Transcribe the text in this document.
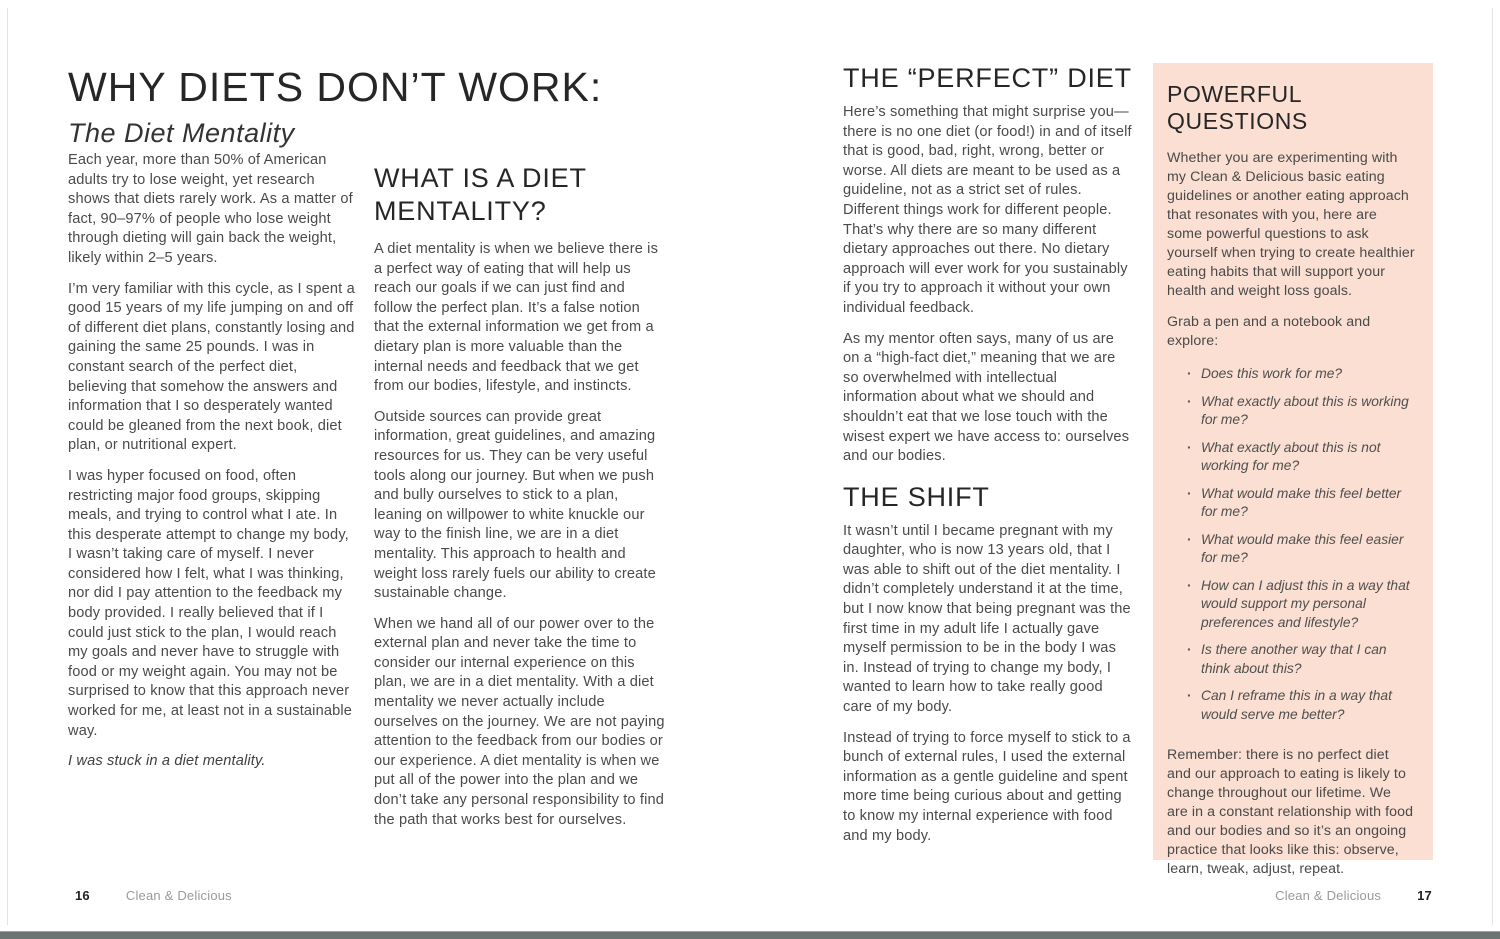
WHY DIETS DON’T WORK:
The Diet Mentality

Each year, more than 50% of American adults try to lose weight, yet research shows that diets rarely work. As a matter of fact, 90–97% of people who lose weight through dieting will gain back the weight, likely within 2–5 years.

I’m very familiar with this cycle, as I spent a good 15 years of my life jumping on and off of different diet plans, constantly losing and gaining the same 25 pounds. I was in constant search of the perfect diet, believing that somehow the answers and information that I so desperately wanted could be gleaned from the next book, diet plan, or nutritional expert.

I was hyper focused on food, often restricting major food groups, skipping meals, and trying to control what I ate. In this desperate attempt to change my body, I wasn’t taking care of myself. I never considered how I felt, what I was thinking, nor did I pay attention to the feedback my body provided. I really believed that if I could just stick to the plan, I would reach my goals and never have to struggle with food or my weight again. You may not be surprised to know that this approach never worked for me, at least not in a sustainable way.

I was stuck in a diet mentality.

WHAT IS A DIET MENTALITY?

A diet mentality is when we believe there is a perfect way of eating that will help us reach our goals if we can just find and follow the perfect plan. It’s a false notion that the external information we get from a dietary plan is more valuable than the internal needs and feedback that we get from our bodies, lifestyle, and instincts.

Outside sources can provide great information, great guidelines, and amazing resources for us. They can be very useful tools along our journey. But when we push and bully ourselves to stick to a plan, leaning on willpower to white knuckle our way to the finish line, we are in a diet mentality. This approach to health and weight loss rarely fuels our ability to create sustainable change.

When we hand all of our power over to the external plan and never take the time to consider our internal experience on this plan, we are in a diet mentality. With a diet mentality we never actually include ourselves on the journey. We are not paying attention to the feedback from our bodies or our experience. A diet mentality is when we put all of the power into the plan and we don’t take any personal responsibility to find the path that works best for ourselves.

16	Clean & Delicious
THE “PERFECT” DIET

Here’s something that might surprise you—there is no one diet (or food!) in and of itself that is good, bad, right, wrong, better or worse. All diets are meant to be used as a guideline, not as a strict set of rules. Different things work for different people. That’s why there are so many different dietary approaches out there. No dietary approach will ever work for you sustainably if you try to approach it without your own individual feedback.

As my mentor often says, many of us are on a “high-fact diet,” meaning that we are so overwhelmed with intellectual information about what we should and shouldn’t eat that we lose touch with the wisest expert we have access to: ourselves and our bodies.

THE SHIFT

It wasn’t until I became pregnant with my daughter, who is now 13 years old, that I was able to shift out of the diet mentality. I didn’t completely understand it at the time, but I now know that being pregnant was the first time in my adult life I actually gave myself permission to be in the body I was in. Instead of trying to change my body, I wanted to learn how to take really good care of my body.

Instead of trying to force myself to stick to a bunch of external rules, I used the external information as a gentle guideline and spent more time being curious about and getting to know my internal experience with food and my body.

POWERFUL QUESTIONS

Whether you are experimenting with my Clean & Delicious basic eating guidelines or another eating approach that resonates with you, here are some powerful questions to ask yourself when trying to create healthier eating habits that will support your health and weight loss goals.

Grab a pen and a notebook and explore:

·
Does this work for me?
·
What exactly about this is working for me?
·
What exactly about this is not working for me?
·
What would make this feel better for me?
·
What would make this feel easier for me?
·
How can I adjust this in a way that would support my personal preferences and lifestyle?
·
Is there another way that I can think about this?
·
Can I reframe this in a way that would serve me better?

Remember: there is no perfect diet and our approach to eating is likely to change throughout our lifetime. We are in a constant relationship with food and our bodies and so it’s an ongoing practice that looks like this: observe, learn, tweak, adjust, repeat.

Clean & Delicious	17
